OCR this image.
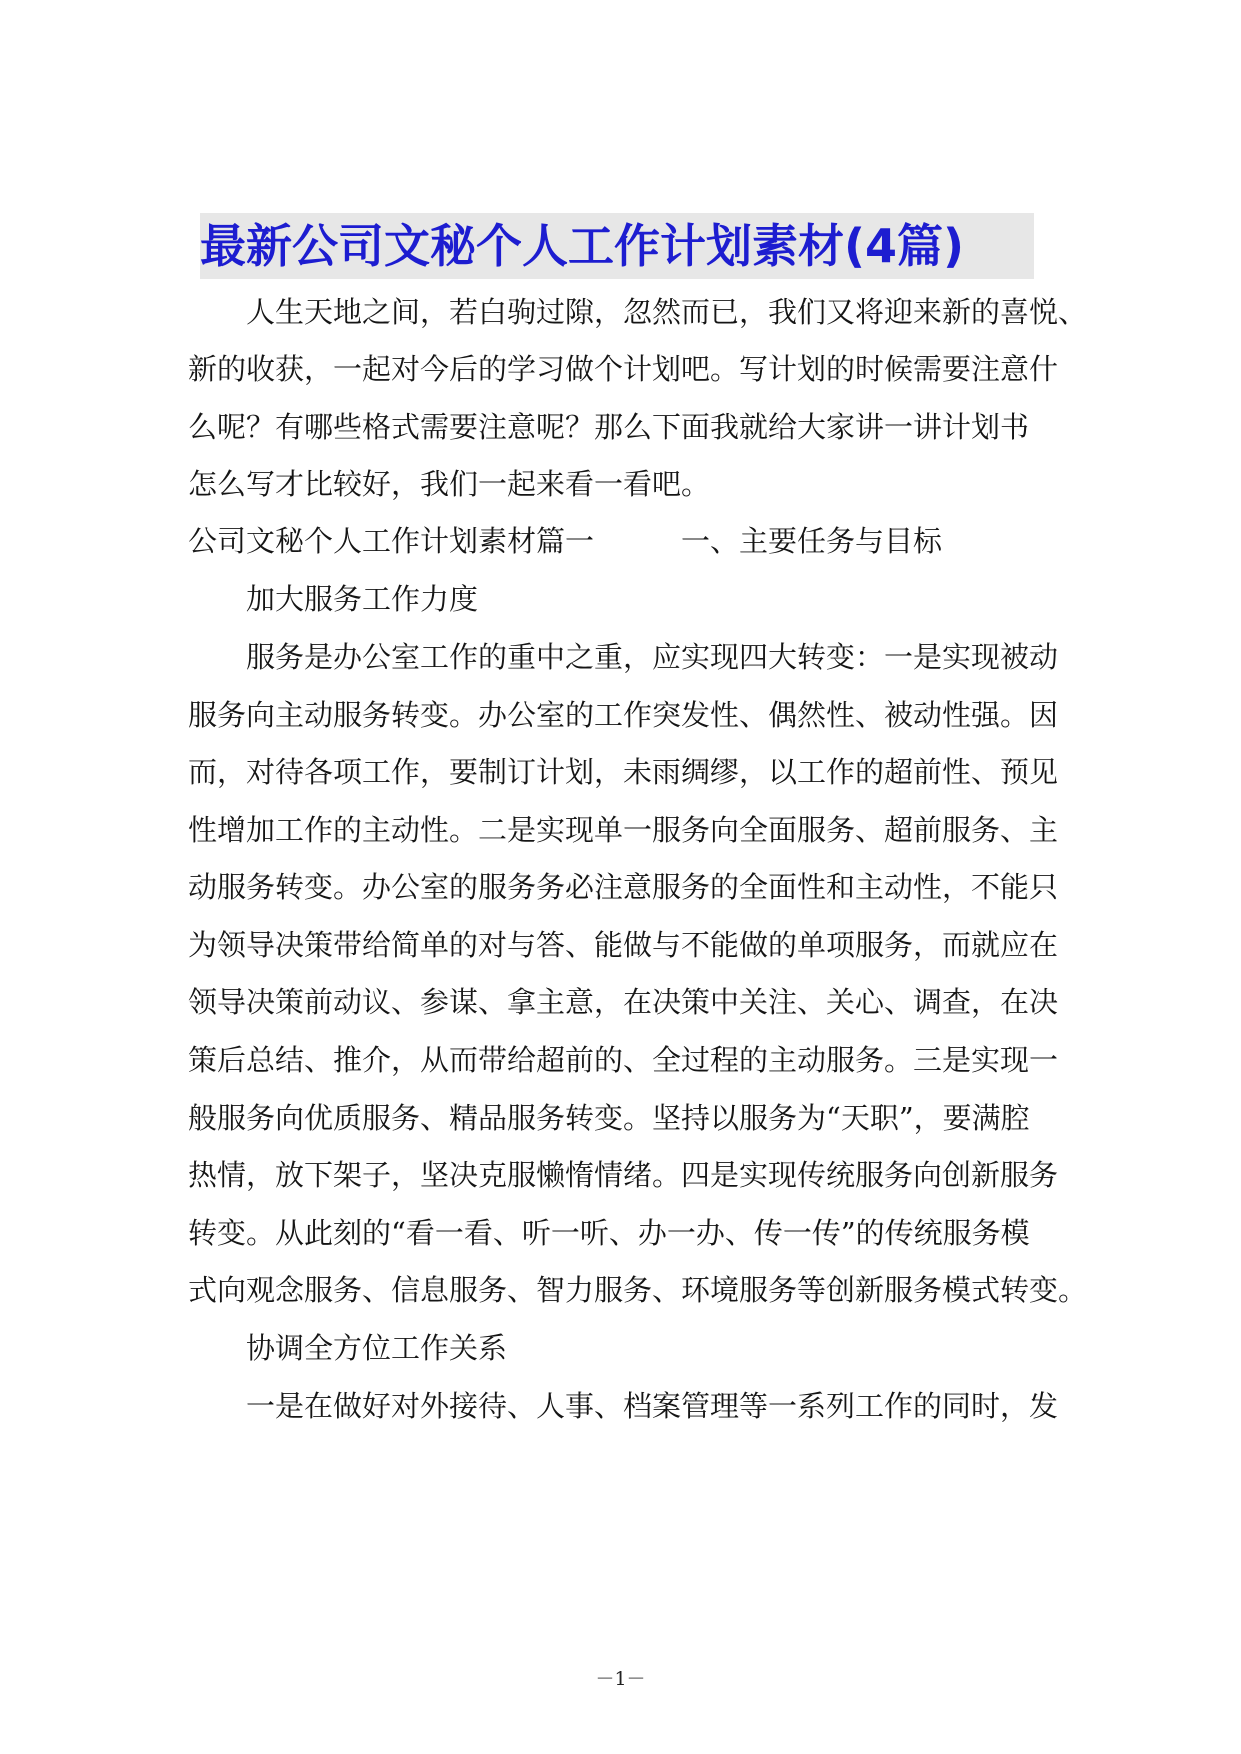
最新公司文秘个人工作计划素材(4篇)
人生天地之间，若白驹过隙，忽然而已，我们又将迎来新的喜悦、
新的收获，一起对今后的学习做个计划吧。写计划的时候需要注意什
么呢？有哪些格式需要注意呢？那么下面我就给大家讲一讲计划书
怎么写才比较好，我们一起来看一看吧。
公司文秘个人工作计划素材篇一　　　一、主要任务与目标
加大服务工作力度
服务是办公室工作的重中之重，应实现四大转变：一是实现被动
服务向主动服务转变。办公室的工作突发性、偶然性、被动性强。因
而，对待各项工作，要制订计划，未雨绸缪，以工作的超前性、预见
性增加工作的主动性。二是实现单一服务向全面服务、超前服务、主
动服务转变。办公室的服务务必注意服务的全面性和主动性，不能只
为领导决策带给简单的对与答、能做与不能做的单项服务，而就应在
领导决策前动议、参谋、拿主意，在决策中关注、关心、调查，在决
策后总结、推介，从而带给超前的、全过程的主动服务。三是实现一
般服务向优质服务、精品服务转变。坚持以服务为“天职”，要满腔
热情，放下架子，坚决克服懒惰情绪。四是实现传统服务向创新服务
转变。从此刻的“看一看、听一听、办一办、传一传”的传统服务模
式向观念服务、信息服务、智力服务、环境服务等创新服务模式转变。
协调全方位工作关系
一是在做好对外接待、人事、档案管理等一系列工作的同时，发
－1－
